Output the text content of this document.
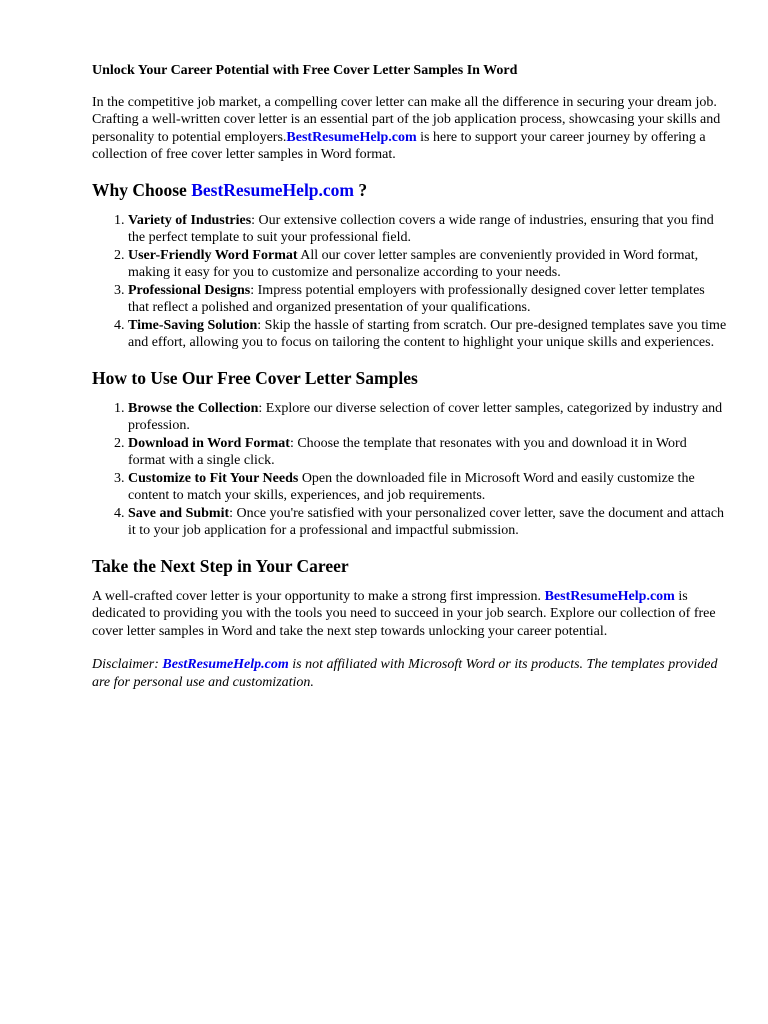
Unlock Your Career Potential with Free Cover Letter Samples In Word

In the competitive job market, a compelling cover letter can make all the difference in securing your dream job. Crafting a well-written cover letter is an essential part of the job application process, showcasing your skills and personality to potential employers.BestResumeHelp.com is here to support your career journey by offering a collection of free cover letter samples in Word format.

Why Choose BestResumeHelp.com ?
1. Variety of Industries: Our extensive collection covers a wide range of industries, ensuring that you find the perfect template to suit your professional field.
2. User-Friendly Word Format All our cover letter samples are conveniently provided in Word format, making it easy for you to customize and personalize according to your needs.
3. Professional Designs: Impress potential employers with professionally designed cover letter templates that reflect a polished and organized presentation of your qualifications.
4. Time-Saving Solution: Skip the hassle of starting from scratch. Our pre-designed templates save you time and effort, allowing you to focus on tailoring the content to highlight your unique skills and experiences.
How to Use Our Free Cover Letter Samples
1. Browse the Collection: Explore our diverse selection of cover letter samples, categorized by industry and profession.
2. Download in Word Format: Choose the template that resonates with you and download it in Word format with a single click.
3. Customize to Fit Your Needs Open the downloaded file in Microsoft Word and easily customize the content to match your skills, experiences, and job requirements.
4. Save and Submit: Once you're satisfied with your personalized cover letter, save the document and attach it to your job application for a professional and impactful submission.
Take the Next Step in Your Career

A well-crafted cover letter is your opportunity to make a strong first impression. BestResumeHelp.com is dedicated to providing you with the tools you need to succeed in your job search. Explore our collection of free cover letter samples in Word and take the next step towards unlocking your career potential.

Disclaimer: BestResumeHelp.com is not affiliated with Microsoft Word or its products. The templates provided are for personal use and customization.
